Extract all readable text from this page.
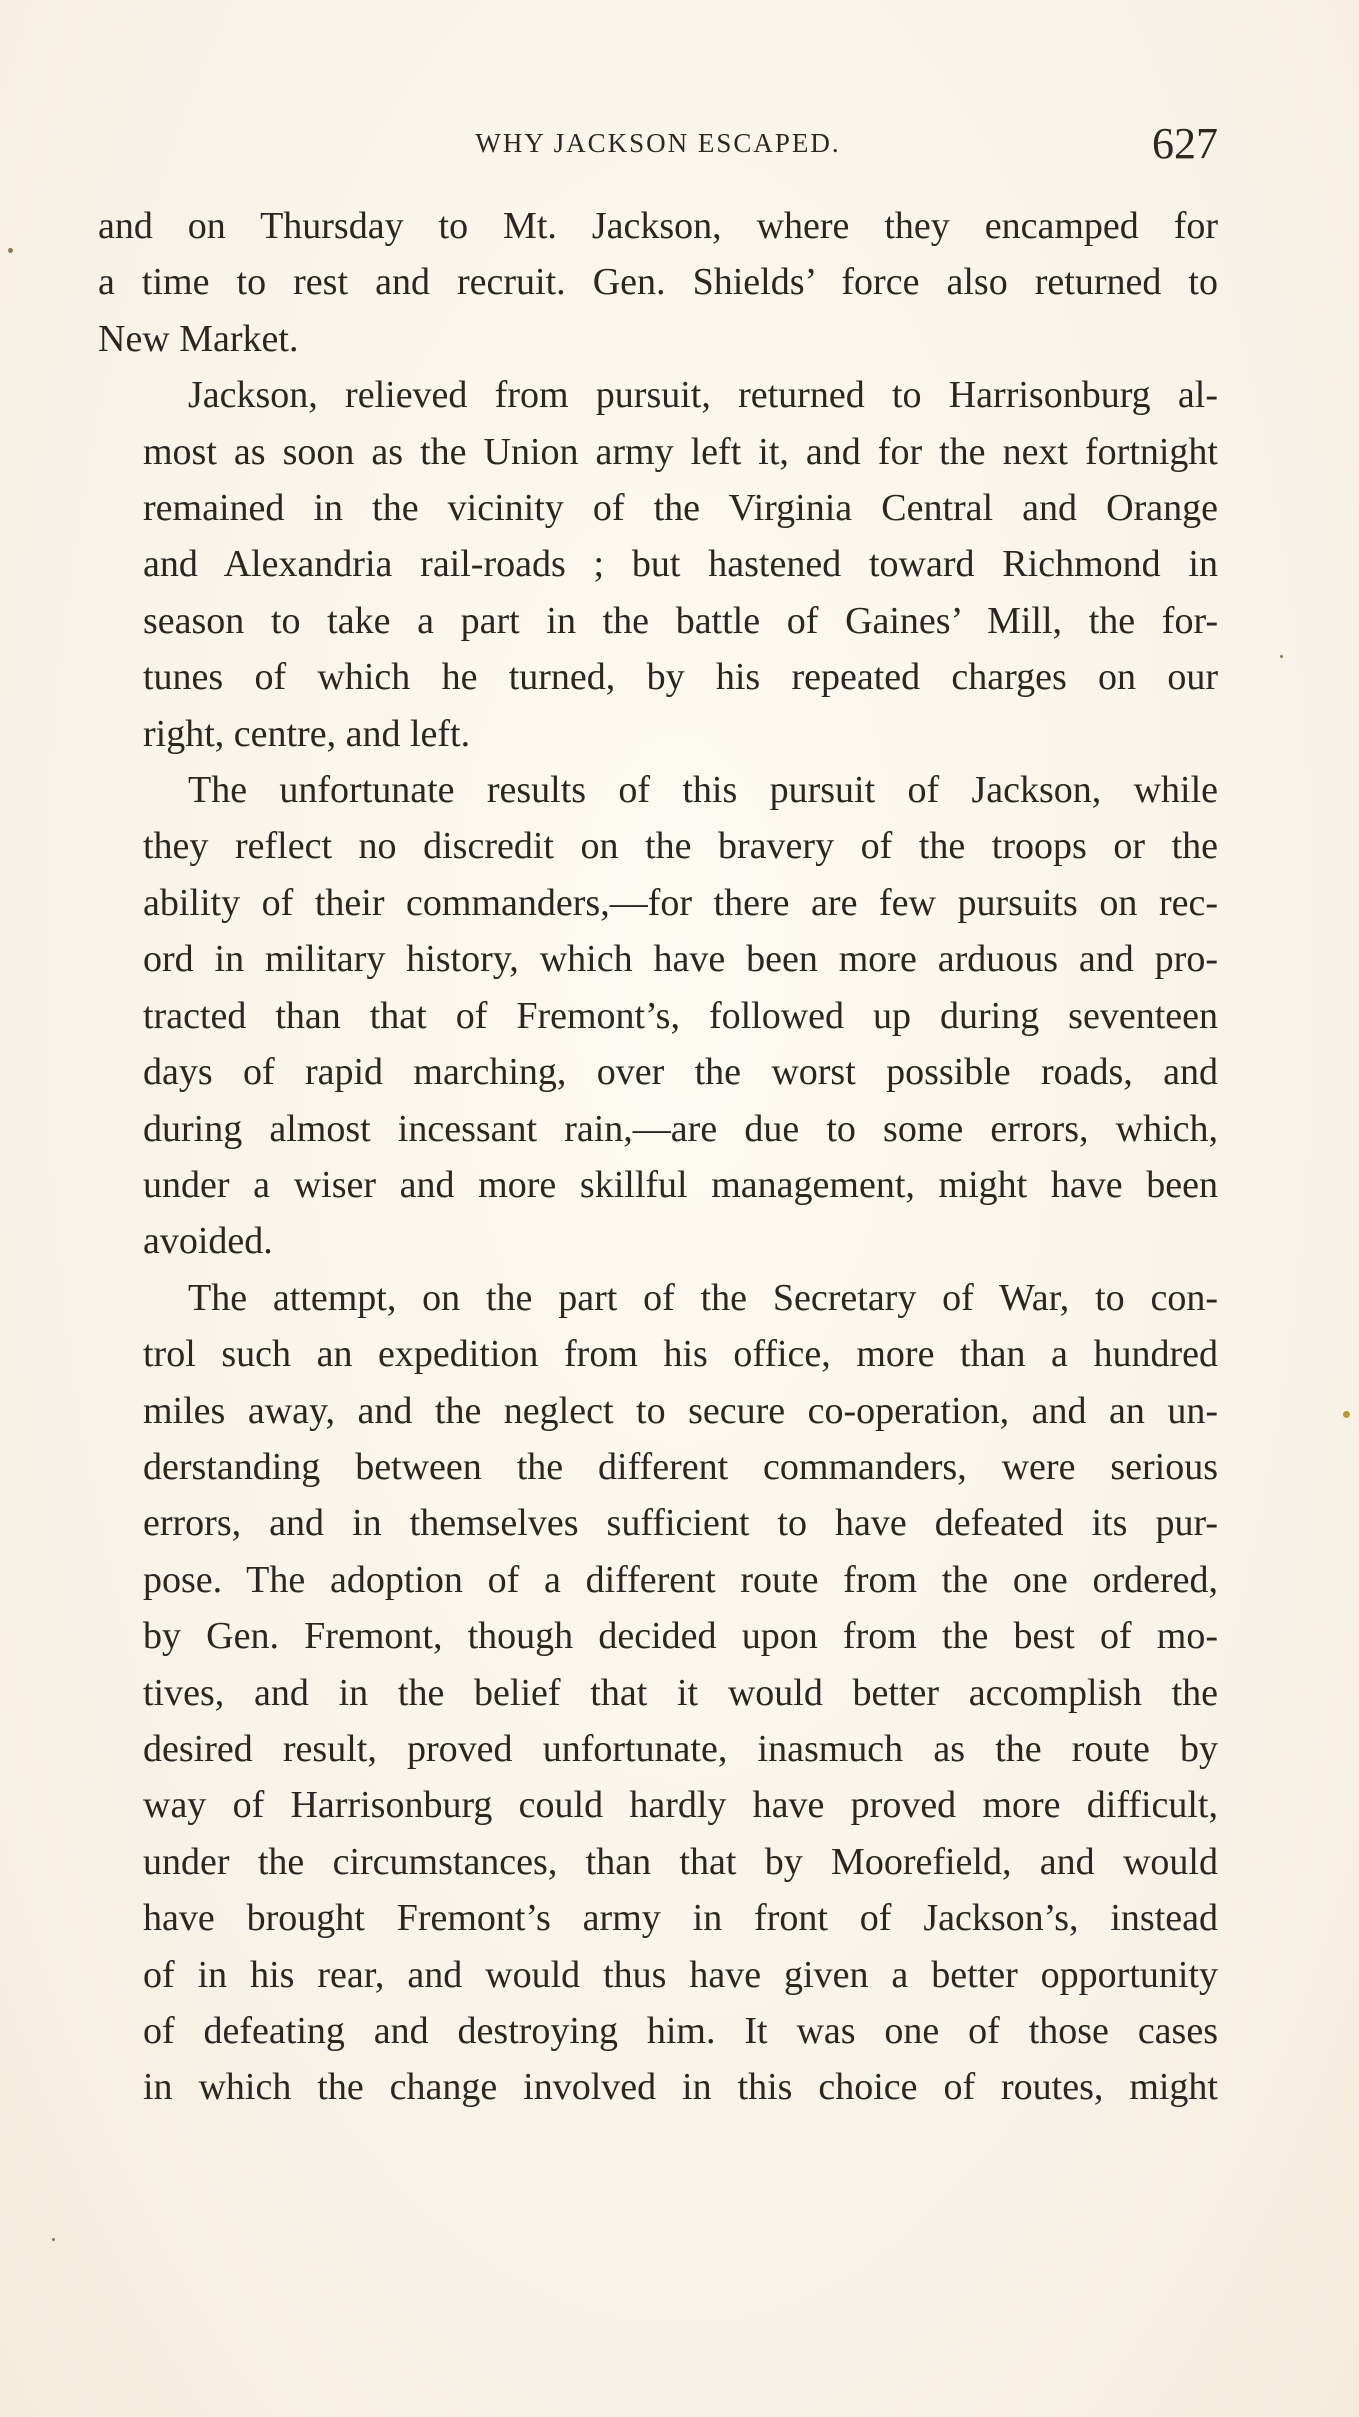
WHY JACKSON ESCAPED.	627
and on Thursday to Mt. Jackson, where they encamped for
a time to rest and recruit. Gen. Shields’ force also returned to
New Market.
Jackson, relieved from pursuit, returned to Harrisonburg al-
most as soon as the Union army left it, and for the next fortnight
remained in the vicinity of the Virginia Central and Orange
and Alexandria rail-roads ; but hastened toward Richmond in
season to take a part in the battle of Gaines’ Mill, the for-
tunes of which he turned, by his repeated charges on our
right, centre, and left.
The unfortunate results of this pursuit of Jackson, while
they reflect no discredit on the bravery of the troops or the
ability of their commanders,—for there are few pursuits on rec-
ord in military history, which have been more arduous and pro-
tracted than that of Fremont’s, followed up during seventeen
days of rapid marching, over the worst possible roads, and
during almost incessant rain,—are due to some errors, which,
under a wiser and more skillful management, might have been
avoided.
The attempt, on the part of the Secretary of War, to con-
trol such an expedition from his office, more than a hundred
miles away, and the neglect to secure co-operation, and an un-
derstanding between the different commanders, were serious
errors, and in themselves sufficient to have defeated its pur-
pose. The adoption of a different route from the one ordered,
by Gen. Fremont, though decided upon from the best of mo-
tives, and in the belief that it would better accomplish the
desired result, proved unfortunate, inasmuch as the route by
way of Harrisonburg could hardly have proved more difficult,
under the circumstances, than that by Moorefield, and would
have brought Fremont’s army in front of Jackson’s, instead
of in his rear, and would thus have given a better opportunity
of defeating and destroying him. It was one of those cases
in which the change involved in this choice of routes, might
